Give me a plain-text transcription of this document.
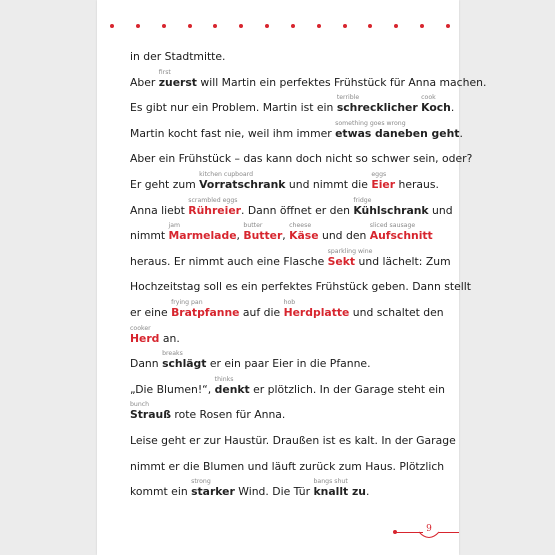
in der Stadtmitte.
Aber
first
zuerst will Martin ein perfektes Frühstück für Anna machen.
Es gibt nur ein Problem. Martin ist ein
terrible
schrecklicher
cook
Koch.
Martin kocht fast nie, weil ihm immer
something goes wrong
etwas daneben geht.
Aber ein Frühstück – das kann doch nicht so schwer sein, oder?
Er geht zum
kitchen cupboard
Vorratschrank und nimmt die
eggs
Eier heraus.
Anna liebt
scrambled eggs
Rühreier. Dann öffnet er den
fridge
Kühlschrank und
nimmt
jam
Marmelade,
butter
Butter,
cheese
Käse und den
sliced sausage
Aufschnitt
heraus. Er nimmt auch eine Flasche
sparkling wine
Sekt und lächelt: Zum
Hochzeitstag soll es ein perfektes Frühstück geben. Dann stellt
er eine
frying pan
Bratpfanne auf die
hob
Herdplatte und schaltet den
cooker
Herd an.
Dann
breaks
schlägt er ein paar Eier in die Pfanne.
„Die Blumen!“,
thinks
denkt er plötzlich. In der Garage steht ein
bunch
Strauß rote Rosen für Anna.
Leise geht er zur Haustür. Draußen ist es kalt. In der Garage
nimmt er die Blumen und läuft zurück zum Haus. Plötzlich
kommt ein
strong
starker Wind. Die Tür
bangs shut
knallt zu.
9
